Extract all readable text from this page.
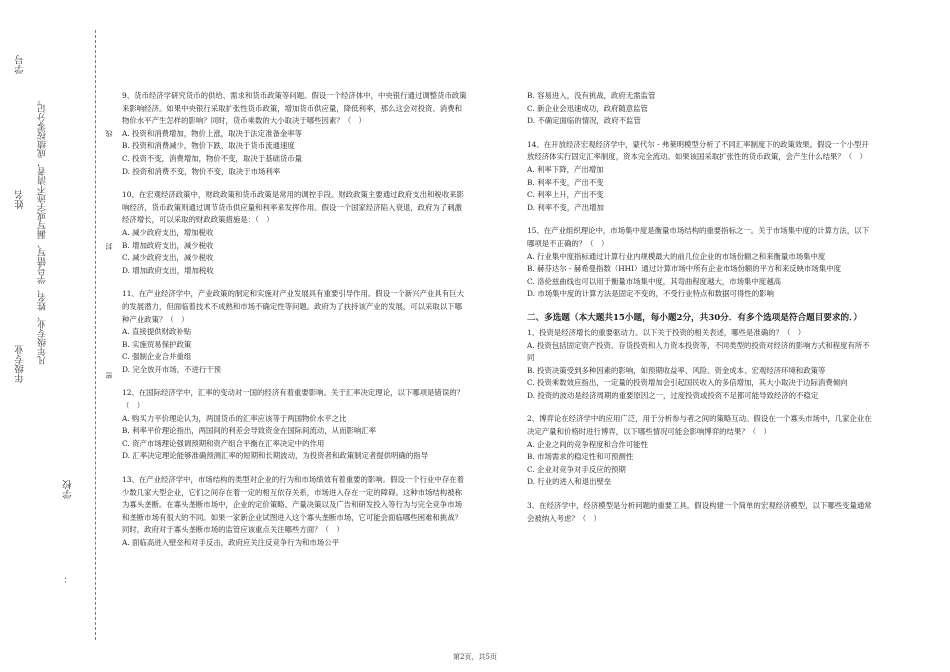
学校
：
年级专业
姓名
学号
凡年级专业、姓名、学号错写、漏写或字迹不清者，成绩按零分记。
密
封
线

9、货币经济学研究货币的供给、需求和货币政策等问题。假设一个经济体中，中央银行通过调整货币政策来影响经济。如果中央银行采取扩张性货币政策，增加货币供应量，降低利率，那么这会对投资、消费和物价水平产生怎样的影响？同时，货币乘数的大小取决于哪些因素？（　）

A. 投资和消费增加，物价上涨，取决于法定准备金率等

B. 投资和消费减少，物价下跌，取决于货币流通速度

C. 投资不变，消费增加，物价不变，取决于基础货币量

D. 投资和消费不变，物价不变，取决于市场利率

10、在宏观经济政策中，财政政策和货币政策是常用的调控手段。财政政策主要通过政府支出和税收来影响经济，货币政策则通过调节货币供应量和利率来发挥作用。假设一个国家经济陷入衰退，政府为了刺激经济增长，可以采取的财政政策措施是：（　）

A. 减少政府支出，增加税收

B. 增加政府支出，减少税收

C. 减少政府支出，减少税收

D. 增加政府支出，增加税收

11、在产业经济学中，产业政策的制定和实施对产业发展具有重要引导作用。假设一个新兴产业具有巨大的发展潜力，但面临着技术不成熟和市场不确定性等问题。政府为了扶持该产业的发展，可以采取以下哪种产业政策？（　）

A. 直接提供财政补贴

B. 实施贸易保护政策

C. 强制企业合并重组

D. 完全放开市场，不进行干预

12、在国际经济学中，汇率的变动对一国的经济有着重要影响。关于汇率决定理论，以下哪项是错误的？（　）

A. 购买力平价理论认为，两国货币的汇率应该等于两国物价水平之比

B. 利率平价理论指出，两国间的利差会导致资金在国际间流动，从而影响汇率

C. 资产市场理论强调预期和资产组合平衡在汇率决定中的作用

D. 汇率决定理论能够准确预测汇率的短期和长期波动，为投资者和政策制定者提供明确的指导

13、在产业经济学中，市场结构的类型对企业的行为和市场绩效有着重要的影响。假设一个行业中存在着少数几家大型企业，它们之间存在着一定的相互依存关系，市场进入存在一定的障碍。这种市场结构被称为寡头垄断。在寡头垄断市场中，企业的定价策略、产量决策以及广告和研发投入等行为与完全竞争市场和垄断市场有很大的不同。如果一家新企业试图进入这个寡头垄断市场，它可能会面临哪些困难和挑战？同时，政府对于寡头垄断市场的监管应该重点关注哪些方面？（　）

A. 面临高进入壁垒和对手反击，政府应关注反竞争行为和市场公平

B. 容易进入，没有挑战，政府无需监管

C. 新企业会迅速成功，政府随意监管

D. 不确定面临的情况，政府不监管

14、在开放经济宏观经济学中，蒙代尔 - 弗莱明模型分析了不同汇率制度下的政策效果。假设一个小型开放经济体实行固定汇率制度，资本完全流动。如果该国采取扩张性的货币政策，会产生什么结果？（　）

A. 利率下降，产出增加

B. 利率不变，产出不变

C. 利率上升，产出不变

D. 利率不变，产出增加

15、在产业组织理论中，市场集中度是衡量市场结构的重要指标之一。关于市场集中度的计算方法，以下哪项是不正确的？（　）

A. 行业集中度指标通过计算行业内规模最大的前几位企业的市场份额之和来衡量市场集中度

B. 赫芬达尔 - 赫希曼指数（HHI）通过计算市场中所有企业市场份额的平方和来反映市场集中度

C. 洛伦兹曲线也可以用于衡量市场集中度，其弯曲程度越大，市场集中度越高

D. 市场集中度的计算方法是固定不变的，不受行业特点和数据可得性的影响

二、多选题（本大题共15小题，每小题2分，共30分．有多个选项是符合题目要求的．）

1、投资是经济增长的重要驱动力。以下关于投资的相关表述，哪些是准确的？（　）

A. 投资包括固定资产投资、存货投资和人力资本投资等，不同类型的投资对经济的影响方式和程度有所不同

B. 投资决策受到多种因素的影响，如预期收益率、风险、资金成本、宏观经济环境和政策等

C. 投资乘数效应指出，一定量的投资增加会引起国民收入的多倍增加，其大小取决于边际消费倾向

D. 投资的波动是经济周期的重要原因之一，过度投资或投资不足都可能导致经济的不稳定

2、博弈论在经济学中的应用广泛，用于分析参与者之间的策略互动。假设在一个寡头市场中，几家企业在决定产量和价格时进行博弈，以下哪些情况可能会影响博弈的结果？（　）

A. 企业之间的竞争程度和合作可能性

B. 市场需求的稳定性和可预测性

C. 企业对竞争对手反应的预期

D. 行业的进入和退出壁垒

3、在经济学中，经济模型是分析问题的重要工具。假设构建一个简单的宏观经济模型，以下哪些变量通常会被纳入考虑？（　）

第2页，共5页
